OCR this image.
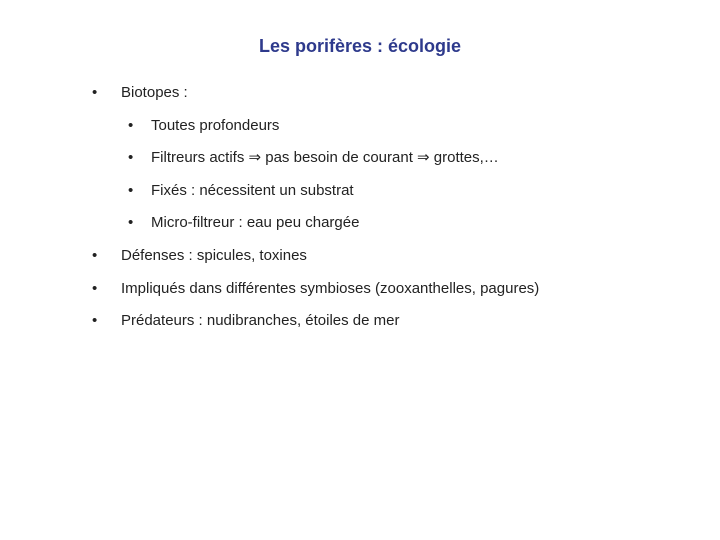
Les porifères : écologie
• Biotopes :
• Toutes profondeurs
• Filtreurs actifs ⇒ pas besoin de courant ⇒ grottes,…
• Fixés : nécessitent un substrat
• Micro-filtreur : eau peu chargée
• Défenses : spicules, toxines
• Impliqués dans différentes symbioses (zooxanthelles, pagures)
• Prédateurs : nudibranches, étoiles de mer
